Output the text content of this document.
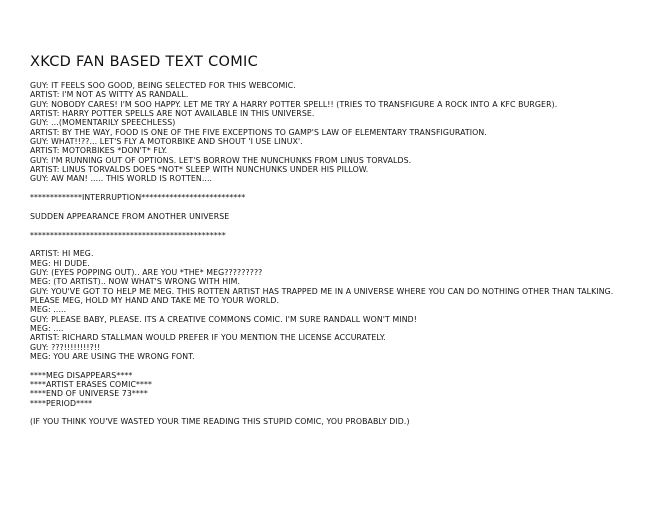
XKCD FAN BASED TEXT COMIC

GUY: IT FEELS SOO GOOD, BEING SELECTED FOR THIS WEBCOMIC.

ARTIST: I'M NOT AS WITTY AS RANDALL.

GUY: NOBODY CARES! I'M SOO HAPPY. LET ME TRY A HARRY POTTER SPELL!! (TRIES TO TRANSFIGURE A ROCK INTO A KFC BURGER).

ARTIST: HARRY POTTER SPELLS ARE NOT AVAILABLE IN THIS UNIVERSE.

GUY: ...(MOMENTARILY SPEECHLESS)

ARTIST: BY THE WAY, FOOD IS ONE OF THE FIVE EXCEPTIONS TO GAMP'S LAW OF ELEMENTARY TRANSFIGURATION.

GUY: WHAT!!??... LET'S FLY A MOTORBIKE AND SHOUT 'I USE LINUX'.

ARTIST: MOTORBIKES *DON'T* FLY.

GUY: I'M RUNNING OUT OF OPTIONS. LET'S BORROW THE NUNCHUNKS FROM LINUS TORVALDS.

ARTIST: LINUS TORVALDS DOES *NOT* SLEEP WITH NUNCHUNKS UNDER HIS PILLOW.

GUY: AW MAN! ..... THIS WORLD IS ROTTEN....

*************INTERRUPTION**************************

SUDDEN APPEARANCE FROM ANOTHER UNIVERSE

*************************************************

ARTIST: HI MEG.

MEG: HI DUDE.

GUY: (EYES POPPING OUT).. ARE YOU *THE* MEG?????????

MEG: (TO ARTIST).. NOW WHAT'S WRONG WITH HIM.

GUY: YOU'VE GOT TO HELP ME MEG. THIS ROTTEN ARTIST HAS TRAPPED ME IN A UNIVERSE WHERE YOU CAN DO NOTHING OTHER THAN TALKING. PLEASE MEG, HOLD MY HAND AND TAKE ME TO YOUR WORLD.

MEG: .....

GUY: PLEASE BABY, PLEASE. ITS A CREATIVE COMMONS COMIC. I'M SURE RANDALL WON'T MIND!

MEG: ....

ARTIST: RICHARD STALLMAN WOULD PREFER IF YOU MENTION THE LICENSE ACCURATELY.

GUY: ???!!!!!!!!?!!

MEG: YOU ARE USING THE WRONG FONT.

****MEG DISAPPEARS****

****ARTIST ERASES COMIC****

****END OF UNIVERSE 73****

****PERIOD****

(IF YOU THINK YOU'VE WASTED YOUR TIME READING THIS STUPID COMIC, YOU PROBABLY DID.)
